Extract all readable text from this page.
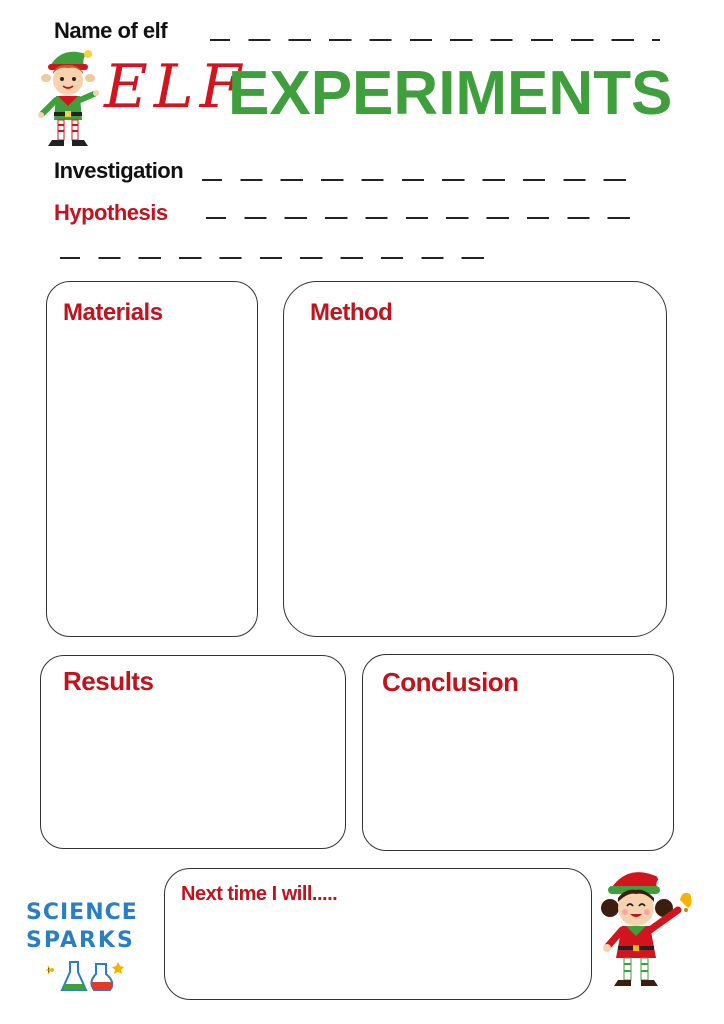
Name of elf
ELF
EXPERIMENTS
Investigation
Hypothesis
Materials	Method
Results	Conclusion
SCIENCE
SPARKS
Next time I will.....
